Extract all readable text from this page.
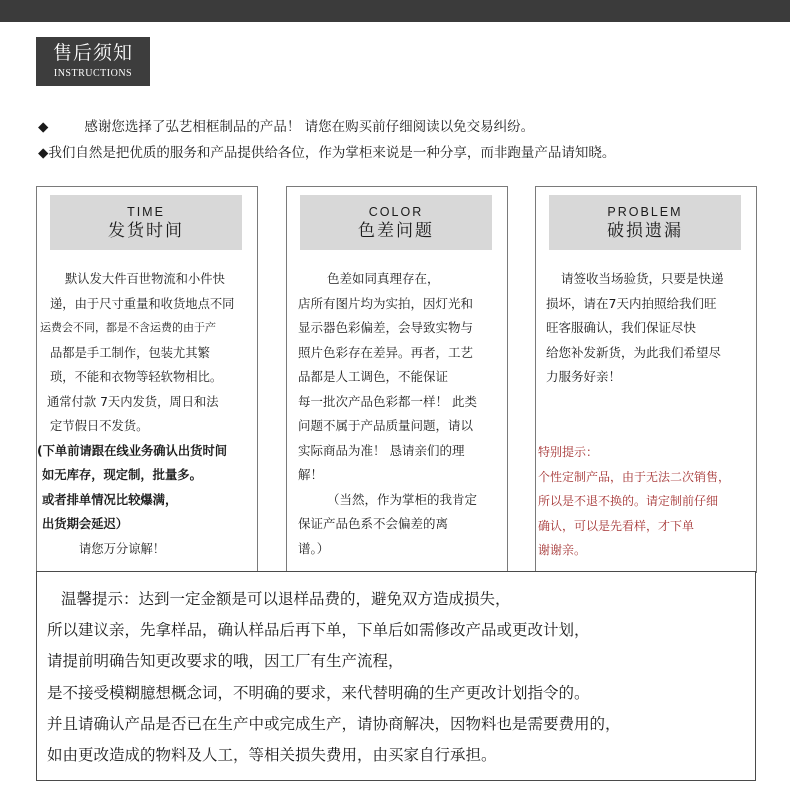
售后须知
INSTRUCTIONS
◆	感谢您选择了弘艺相框制品的产品！ 请您在购买前仔细阅读以免交易纠纷。
◆我们自然是把优质的服务和产品提供给各位，作为掌柜来说是一种分享，而非跑量产品请知晓。
TIME
发货时间
默认发大件百世物流和小件快
递，由于尺寸重量和收货地点不同
运费会不同，都是不含运费的由于产
品都是手工制作，包装尤其繁
琐，不能和衣物等轻软物相比。
通常付款 7天内发货，周日和法
定节假日不发货。
(下单前请跟在线业务确认出货时间
如无库存，现定制，批量多。
或者排单情况比较爆满，
出货期会延迟）
请您万分谅解！
COLOR
色差问题
色差如同真理存在，
店所有图片均为实拍，因灯光和
显示器色彩偏差，会导致实物与
照片色彩存在差异。再者，工艺
品都是人工调色，不能保证
每一批次产品色彩都一样！ 此类
问题不属于产品质量问题，请以
实际商品为准！ 恳请亲们的理
解！
（当然，作为掌柜的我肯定
保证产品色系不会偏差的离
谱。）
PROBLEM
破损遗漏
请签收当场验货，只要是快递
损坏，请在7天内拍照给我们旺
旺客服确认，我们保证尽快
给您补发新货，为此我们希望尽
力服务好亲！
特别提示：
个性定制产品，由于无法二次销售，
所以是不退不换的。请定制前仔细
确认，可以是先看样，才下单
谢谢亲。
温馨提示：达到一定金额是可以退样品费的，避免双方造成损失，
所以建议亲，先拿样品，确认样品后再下单，下单后如需修改产品或更改计划，
请提前明确告知更改要求的哦，因工厂有生产流程，
是不接受模糊臆想概念词，不明确的要求，来代替明确的生产更改计划指令的。
并且请确认产品是否已在生产中或完成生产，请协商解决，因物料也是需要费用的，
如由更改造成的物料及人工，等相关损失费用，由买家自行承担。
